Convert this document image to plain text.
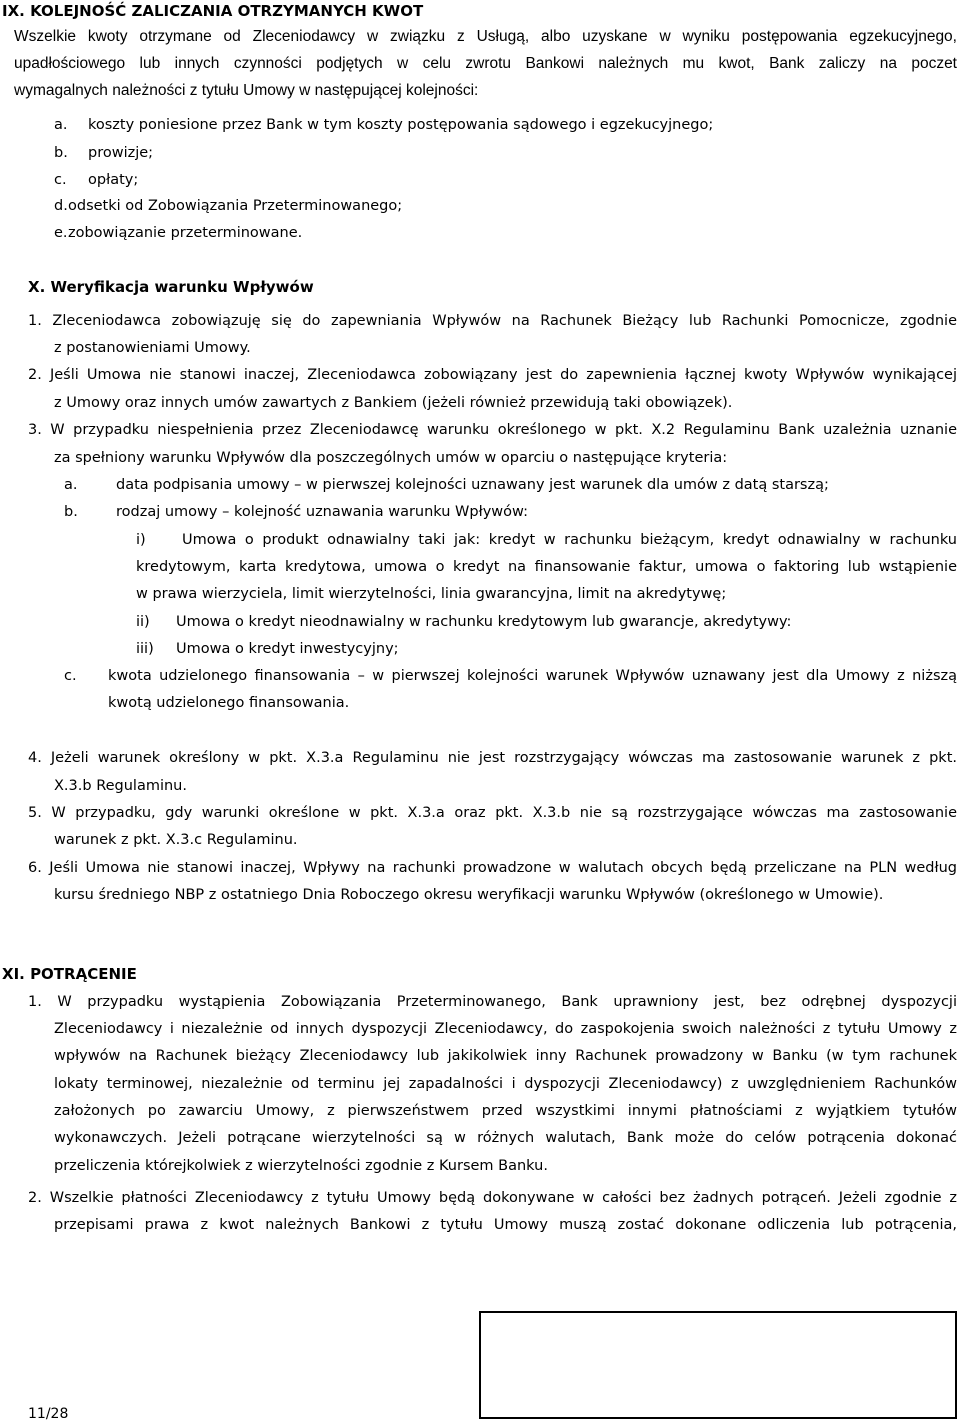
IX. KOLEJNOŚĆ ZALICZANIA OTRZYMANYCH KWOT
Wszelkie kwoty otrzymane od Zleceniodawcy w związku z Usługą, albo uzyskane w wyniku postępowania egzekucyjnego,
upadłościowego lub innych czynności podjętych w celu zwrotu Bankowi należnych mu kwot, Bank zaliczy na poczet
wymagalnych należności z tytułu Umowy w następującej kolejności:
a. koszty poniesione przez Bank w tym koszty postępowania sądowego i egzekucyjnego;
b. prowizje;
c. opłaty;
d. odsetki od Zobowiązania Przeterminowanego;
e. zobowiązanie przeterminowane.
X. Weryfikacja warunku Wpływów
1. Zleceniodawca zobowiązuję się do zapewniania Wpływów na Rachunek Bieżący lub Rachunki Pomocnicze, zgodnie
z postanowieniami Umowy.
2. Jeśli Umowa nie stanowi inaczej, Zleceniodawca zobowiązany jest do zapewnienia łącznej kwoty Wpływów wynikającej
z Umowy oraz innych umów zawartych z Bankiem (jeżeli również przewidują taki obowiązek).
3. W przypadku niespełnienia przez Zleceniodawcę warunku określonego w pkt. X.2 Regulaminu Bank uzależnia uznanie
za spełniony warunku Wpływów dla poszczególnych umów w oparciu o następujące kryteria:
a.	data podpisania umowy – w pierwszej kolejności uznawany jest warunek dla umów z datą starszą;
b.	rodzaj umowy – kolejność uznawania warunku Wpływów:
i)	Umowa o produkt odnawialny taki jak: kredyt w rachunku bieżącym, kredyt odnawialny w rachunku
kredytowym, karta kredytowa, umowa o kredyt na finansowanie faktur, umowa o faktoring lub wstąpienie
w prawa wierzyciela, limit wierzytelności, linia gwarancyjna, limit na akredytywę;
ii) Umowa o kredyt nieodnawialny w rachunku kredytowym lub gwarancje, akredytywy:
iii) Umowa o kredyt inwestycyjny;
c. kwota udzielonego finansowania – w pierwszej kolejności warunek Wpływów uznawany jest dla Umowy z niższą
kwotą udzielonego finansowania.
4. Jeżeli warunek określony w pkt. X.3.a Regulaminu nie jest rozstrzygający wówczas ma zastosowanie warunek z pkt.
X.3.b Regulaminu.
5. W przypadku, gdy warunki określone w pkt. X.3.a oraz pkt. X.3.b nie są rozstrzygające wówczas ma zastosowanie
warunek z pkt. X.3.c Regulaminu.
6. Jeśli Umowa nie stanowi inaczej, Wpływy na rachunki prowadzone w walutach obcych będą przeliczane na PLN według
kursu średniego NBP z ostatniego Dnia Roboczego okresu weryfikacji warunku Wpływów (określonego w Umowie).
XI. POTRĄCENIE
1. W przypadku wystąpienia Zobowiązania Przeterminowanego, Bank uprawniony jest, bez odrębnej dyspozycji
Zleceniodawcy i niezależnie od innych dyspozycji Zleceniodawcy, do zaspokojenia swoich należności z tytułu Umowy z
wpływów na Rachunek bieżący Zleceniodawcy lub jakikolwiek inny Rachunek prowadzony w Banku (w tym rachunek
lokaty terminowej, niezależnie od terminu jej zapadalności i dyspozycji Zleceniodawcy) z uwzględnieniem Rachunków
założonych po zawarciu Umowy, z pierwszeństwem przed wszystkimi innymi płatnościami z wyjątkiem tytułów
wykonawczych. Jeżeli potrącane wierzytelności są w różnych walutach, Bank może do celów potrącenia dokonać
przeliczenia którejkolwiek z wierzytelności zgodnie z Kursem Banku.
2. Wszelkie płatności Zleceniodawcy z tytułu Umowy będą dokonywane w całości bez żadnych potrąceń. Jeżeli zgodnie z
przepisami prawa z kwot należnych Bankowi z tytułu Umowy muszą zostać dokonane odliczenia lub potrącenia,
11/28
